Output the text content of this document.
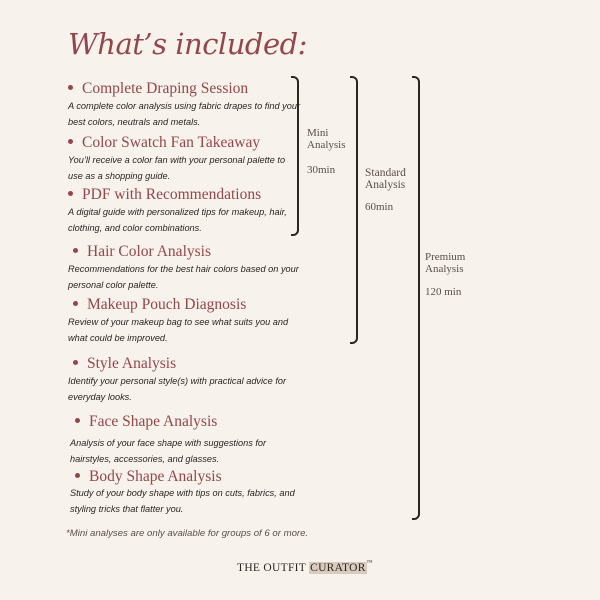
What’s included:
Complete Draping Session
A complete color analysis using fabric drapes to find your best colors, neutrals and metals.
Color Swatch Fan Takeaway
You’ll receive a color fan with your personal palette to use as a shopping guide.
PDF with Recommendations
A digital guide with personalized tips for makeup, hair, clothing, and color combinations.
Hair Color Analysis
Recommendations for the best hair colors based on your personal color palette.
Makeup Pouch Diagnosis
Review of your makeup bag to see what suits you and what could be improved.
Style Analysis
Identify your personal style(s) with practical advice for everyday looks.
Face Shape Analysis
Analysis of your face shape with suggestions for hairstyles, accessories, and glasses.
Body Shape Analysis
Study of your body shape with tips on cuts, fabrics, and styling tricks that flatter you.
Mini
Analysis
30min	Standard
Analysis
60min
Premium
Analysis
120 min
*Mini analyses are only available for groups of 6 or more.
THE OUTFIT CURATOR™
